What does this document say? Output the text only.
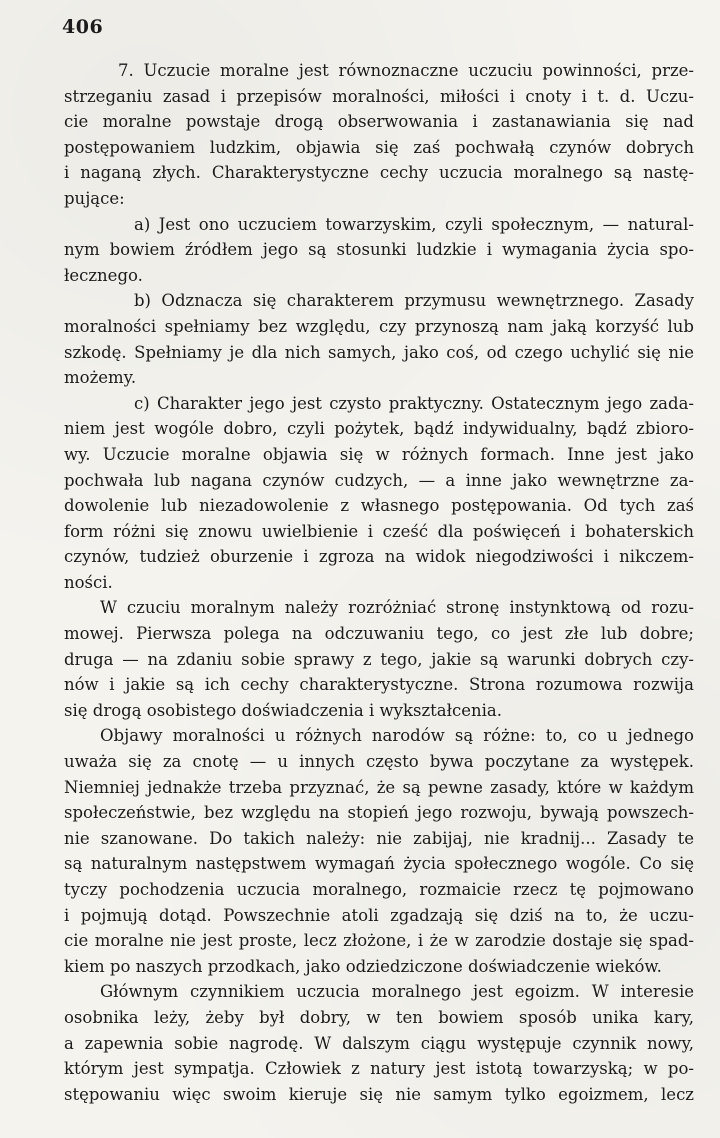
406
7. Uczucie moralne jest równoznaczne uczuciu powinności, prze-
strzeganiu zasad i przepisów moralności, miłości i cnoty i t. d. Uczu-
cie moralne powstaje drogą obserwowania i zastanawiania się nad
postępowaniem ludzkim, objawia się zaś pochwałą czynów dobrych
i naganą złych. Charakterystyczne cechy uczucia moralnego są nastę-
pujące:
a) Jest ono uczuciem towarzyskim, czyli społecznym, — natural-
nym bowiem źródłem jego są stosunki ludzkie i wymagania życia spo-
łecznego.
b) Odznacza się charakterem przymusu wewnętrznego. Zasady
moralności spełniamy bez względu, czy przynoszą nam jaką korzyść lub
szkodę. Spełniamy je dla nich samych, jako coś, od czego uchylić się nie
możemy.
c) Charakter jego jest czysto praktyczny. Ostatecznym jego zada-
niem jest wogóle dobro, czyli pożytek, bądź indywidualny, bądź zbioro-
wy. Uczucie moralne objawia się w różnych formach. Inne jest jako
pochwała lub nagana czynów cudzych, — a inne jako wewnętrzne za-
dowolenie lub niezadowolenie z własnego postępowania. Od tych zaś
form różni się znowu uwielbienie i cześć dla poświęceń i bohaterskich
czynów, tudzież oburzenie i zgroza na widok niegodziwości i nikczem-
ności.
W czuciu moralnym należy rozróżniać stronę instynktową od rozu-
mowej. Pierwsza polega na odczuwaniu tego, co jest złe lub dobre;
druga — na zdaniu sobie sprawy z tego, jakie są warunki dobrych czy-
nów i jakie są ich cechy charakterystyczne. Strona rozumowa rozwija
się drogą osobistego doświadczenia i wykształcenia.
Objawy moralności u różnych narodów są różne: to, co u jednego
uważa się za cnotę — u innych często bywa poczytane za występek.
Niemniej jednakże trzeba przyznać, że są pewne zasady, które w każdym
społeczeństwie, bez względu na stopień jego rozwoju, bywają powszech-
nie szanowane. Do takich należy: nie zabijaj, nie kradnij... Zasady te
są naturalnym następstwem wymagań życia społecznego wogóle. Co się
tyczy pochodzenia uczucia moralnego, rozmaicie rzecz tę pojmowano
i pojmują dotąd. Powszechnie atoli zgadzają się dziś na to, że uczu-
cie moralne nie jest proste, lecz złożone, i że w zarodzie dostaje się spad-
kiem po naszych przodkach, jako odziedziczone doświadczenie wieków.
Głównym czynnikiem uczucia moralnego jest egoizm. W interesie
osobnika leży, żeby był dobry, w ten bowiem sposób unika kary,
a zapewnia sobie nagrodę. W dalszym ciągu występuje czynnik nowy,
którym jest sympatja. Człowiek z natury jest istotą towarzyską; w po-
stępowaniu więc swoim kieruje się nie samym tylko egoizmem, lecz
